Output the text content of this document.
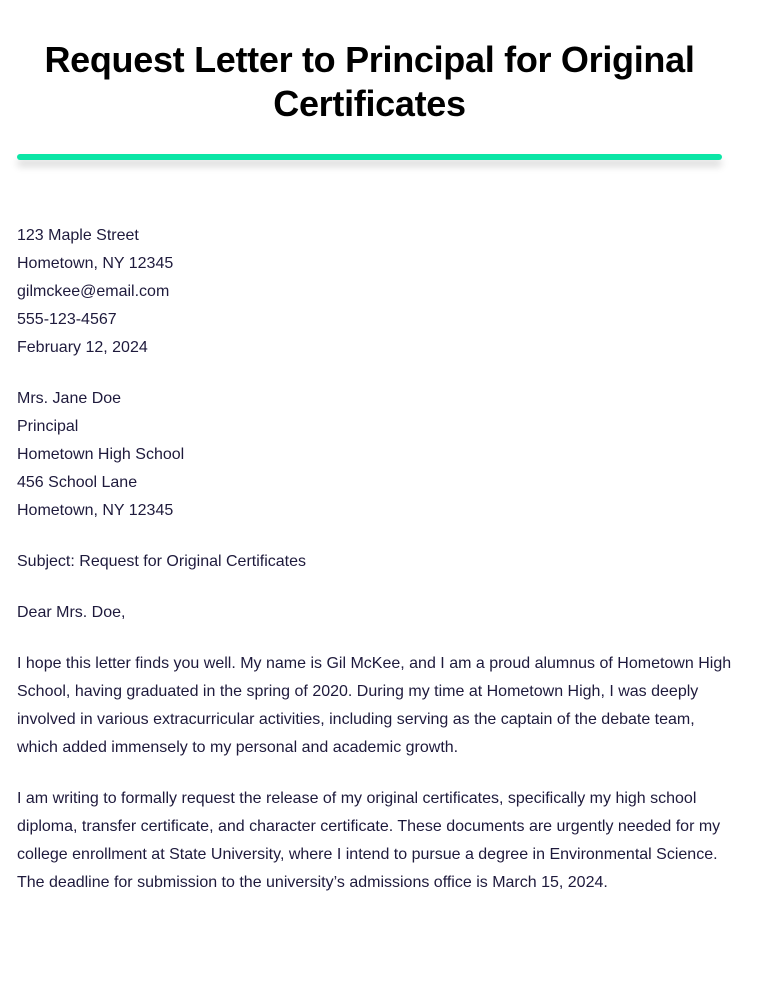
Request Letter to Principal for Original Certificates
123 Maple Street
Hometown, NY 12345
gilmckee@email.com
555-123-4567
February 12, 2024
Mrs. Jane Doe
Principal
Hometown High School
456 School Lane
Hometown, NY 12345

Subject: Request for Original Certificates

Dear Mrs. Doe,

I hope this letter finds you well. My name is Gil McKee, and I am a proud alumnus of Hometown High School, having graduated in the spring of 2020. During my time at Hometown High, I was deeply involved in various extracurricular activities, including serving as the captain of the debate team, which added immensely to my personal and academic growth.

I am writing to formally request the release of my original certificates, specifically my high school diploma, transfer certificate, and character certificate. These documents are urgently needed for my college enrollment at State University, where I intend to pursue a degree in Environmental Science. The deadline for submission to the university’s admissions office is March 15, 2024.
